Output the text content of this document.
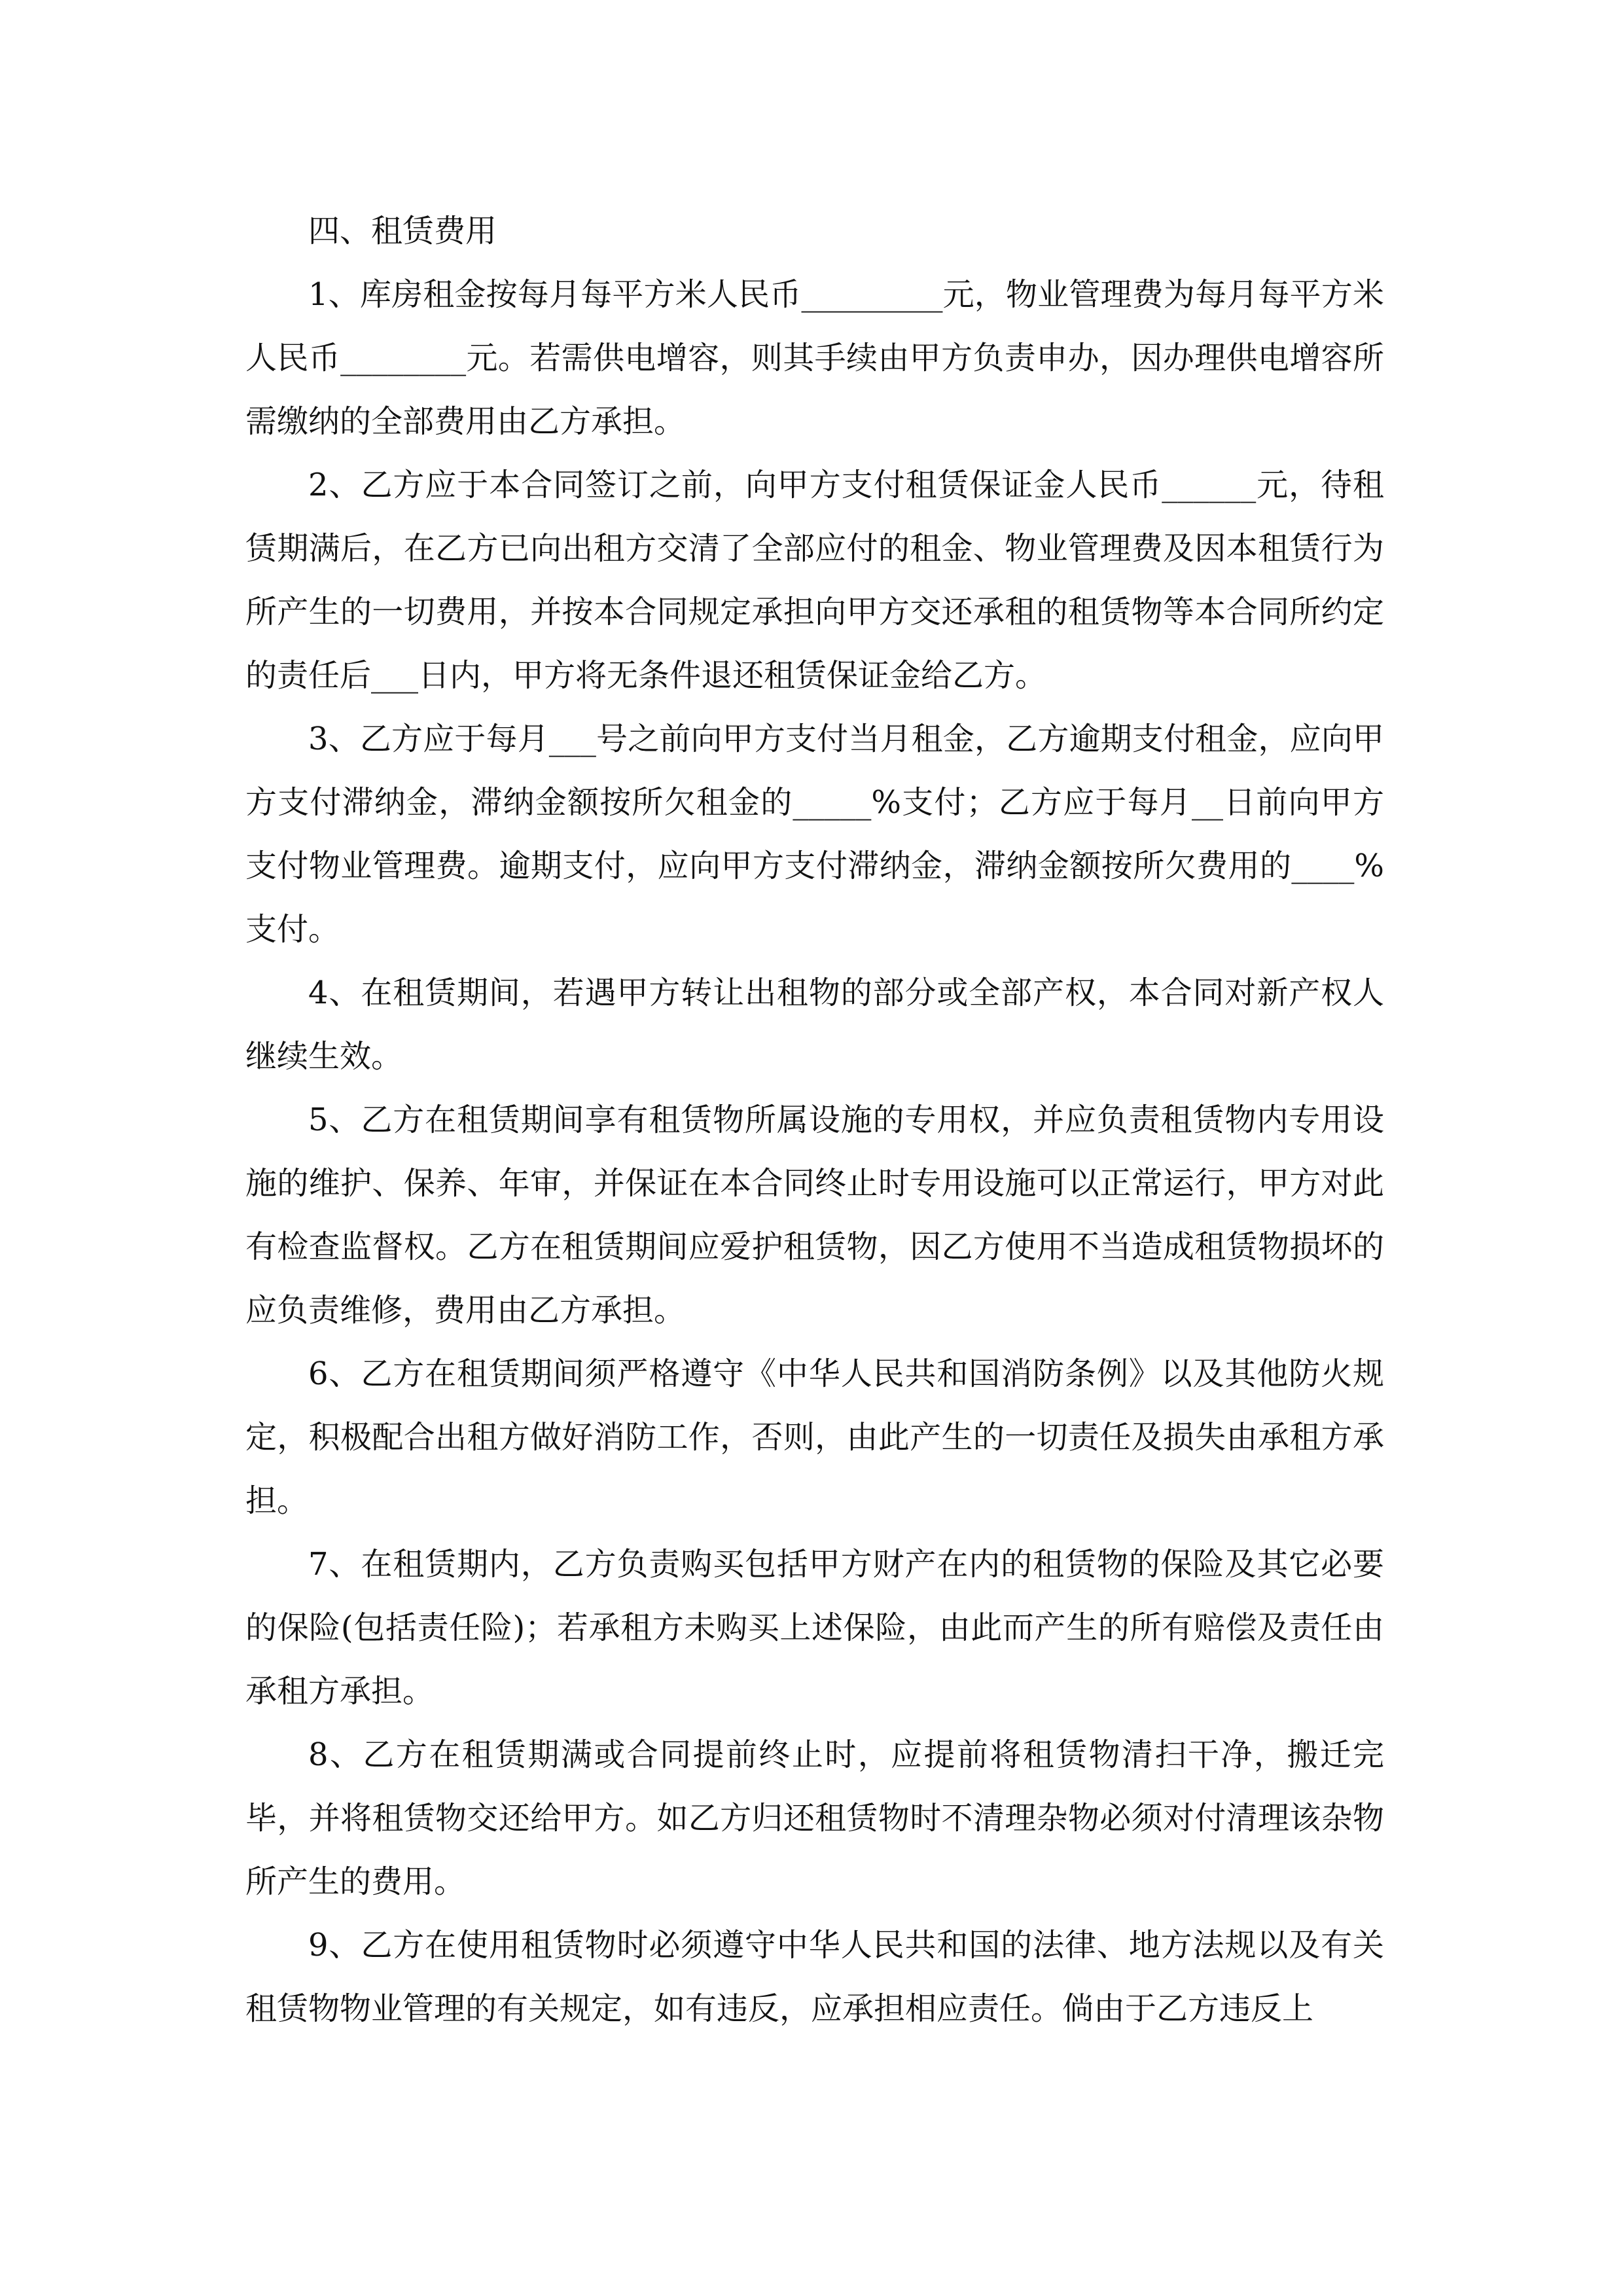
四、租赁费用

1、库房租金按每月每平方米人民币_________元，物业管理费为每月每平方米人民币________元。若需供电增容，则其手续由甲方负责申办，因办理供电增容所需缴纳的全部费用由乙方承担。

2、乙方应于本合同签订之前，向甲方支付租赁保证金人民币______元，待租赁期满后，在乙方已向出租方交清了全部应付的租金、物业管理费及因本租赁行为所产生的一切费用，并按本合同规定承担向甲方交还承租的租赁物等本合同所约定的责任后___日内，甲方将无条件退还租赁保证金给乙方。

3、乙方应于每月___号之前向甲方支付当月租金，乙方逾期支付租金，应向甲方支付滞纳金，滞纳金额按所欠租金的_____%支付；乙方应于每月__日前向甲方支付物业管理费。逾期支付，应向甲方支付滞纳金，滞纳金额按所欠费用的____%支付。

4、在租赁期间，若遇甲方转让出租物的部分或全部产权，本合同对新产权人继续生效。

5、乙方在租赁期间享有租赁物所属设施的专用权，并应负责租赁物内专用设施的维护、保养、年审，并保证在本合同终止时专用设施可以正常运行，甲方对此有检查监督权。乙方在租赁期间应爱护租赁物，因乙方使用不当造成租赁物损坏的应负责维修，费用由乙方承担。

6、乙方在租赁期间须严格遵守《中华人民共和国消防条例》以及其他防火规定，积极配合出租方做好消防工作，否则，由此产生的一切责任及损失由承租方承担。

7、在租赁期内，乙方负责购买包括甲方财产在内的租赁物的保险及其它必要的保险(包括责任险)；若承租方未购买上述保险，由此而产生的所有赔偿及责任由承租方承担。

8、乙方在租赁期满或合同提前终止时，应提前将租赁物清扫干净，搬迁完毕，并将租赁物交还给甲方。如乙方归还租赁物时不清理杂物必须对付清理该杂物所产生的费用。

9、乙方在使用租赁物时必须遵守中华人民共和国的法律、地方法规以及有关租赁物物业管理的有关规定，如有违反，应承担相应责任。倘由于乙方违反上
